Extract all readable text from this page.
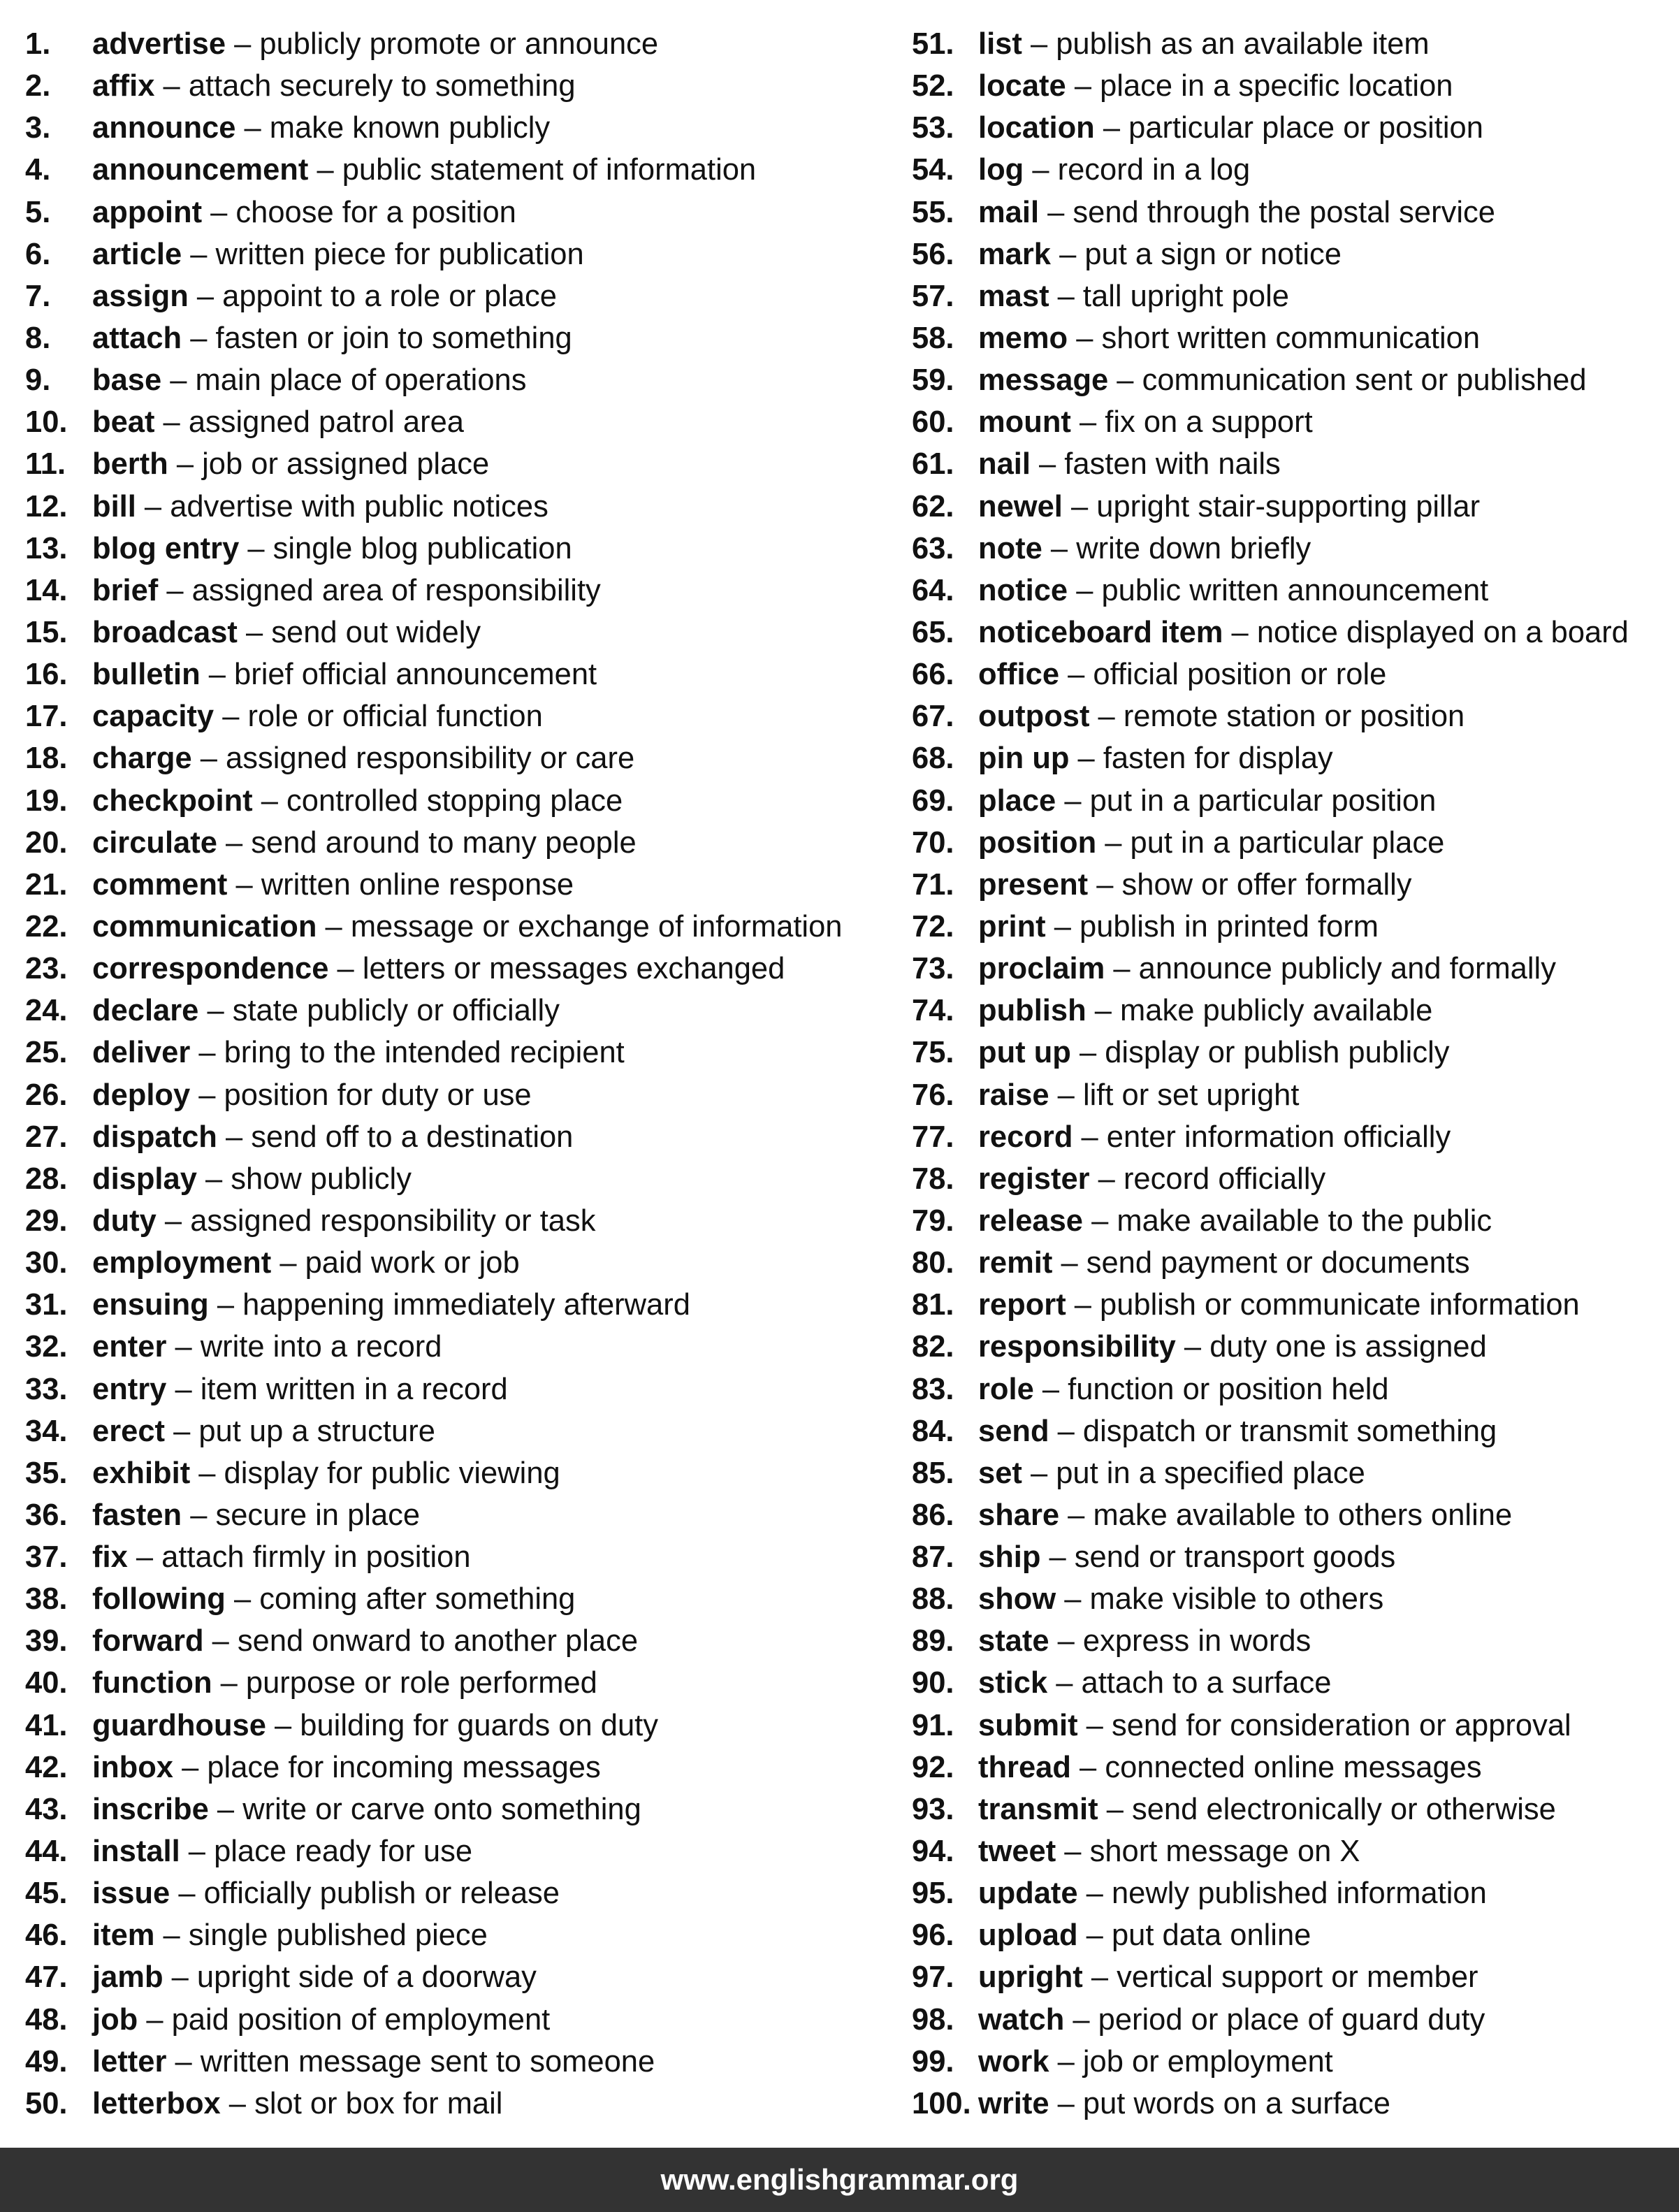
1. advertise – publicly promote or announce
2. affix – attach securely to something
3. announce – make known publicly
4. announcement – public statement of information
5. appoint – choose for a position
6. article – written piece for publication
7. assign – appoint to a role or place
8. attach – fasten or join to something
9. base – main place of operations
10. beat – assigned patrol area
11. berth – job or assigned place
12. bill – advertise with public notices
13. blog entry – single blog publication
14. brief – assigned area of responsibility
15. broadcast – send out widely
16. bulletin – brief official announcement
17. capacity – role or official function
18. charge – assigned responsibility or care
19. checkpoint – controlled stopping place
20. circulate – send around to many people
21. comment – written online response
22. communication – message or exchange of information
23. correspondence – letters or messages exchanged
24. declare – state publicly or officially
25. deliver – bring to the intended recipient
26. deploy – position for duty or use
27. dispatch – send off to a destination
28. display – show publicly
29. duty – assigned responsibility or task
30. employment – paid work or job
31. ensuing – happening immediately afterward
32. enter – write into a record
33. entry – item written in a record
34. erect – put up a structure
35. exhibit – display for public viewing
36. fasten – secure in place
37. fix – attach firmly in position
38. following – coming after something
39. forward – send onward to another place
40. function – purpose or role performed
41. guardhouse – building for guards on duty
42. inbox – place for incoming messages
43. inscribe – write or carve onto something
44. install – place ready for use
45. issue – officially publish or release
46. item – single published piece
47. jamb – upright side of a doorway
48. job – paid position of employment
49. letter – written message sent to someone
50. letterbox – slot or box for mail
51. list – publish as an available item
52. locate – place in a specific location
53. location – particular place or position
54. log – record in a log
55. mail – send through the postal service
56. mark – put a sign or notice
57. mast – tall upright pole
58. memo – short written communication
59. message – communication sent or published
60. mount – fix on a support
61. nail – fasten with nails
62. newel – upright stair-supporting pillar
63. note – write down briefly
64. notice – public written announcement
65. noticeboard item – notice displayed on a board
66. office – official position or role
67. outpost – remote station or position
68. pin up – fasten for display
69. place – put in a particular position
70. position – put in a particular place
71. present – show or offer formally
72. print – publish in printed form
73. proclaim – announce publicly and formally
74. publish – make publicly available
75. put up – display or publish publicly
76. raise – lift or set upright
77. record – enter information officially
78. register – record officially
79. release – make available to the public
80. remit – send payment or documents
81. report – publish or communicate information
82. responsibility – duty one is assigned
83. role – function or position held
84. send – dispatch or transmit something
85. set – put in a specified place
86. share – make available to others online
87. ship – send or transport goods
88. show – make visible to others
89. state – express in words
90. stick – attach to a surface
91. submit – send for consideration or approval
92. thread – connected online messages
93. transmit – send electronically or otherwise
94. tweet – short message on X
95. update – newly published information
96. upload – put data online
97. upright – vertical support or member
98. watch – period or place of guard duty
99. work – job or employment
100. write – put words on a surface
www.englishgrammar.org
